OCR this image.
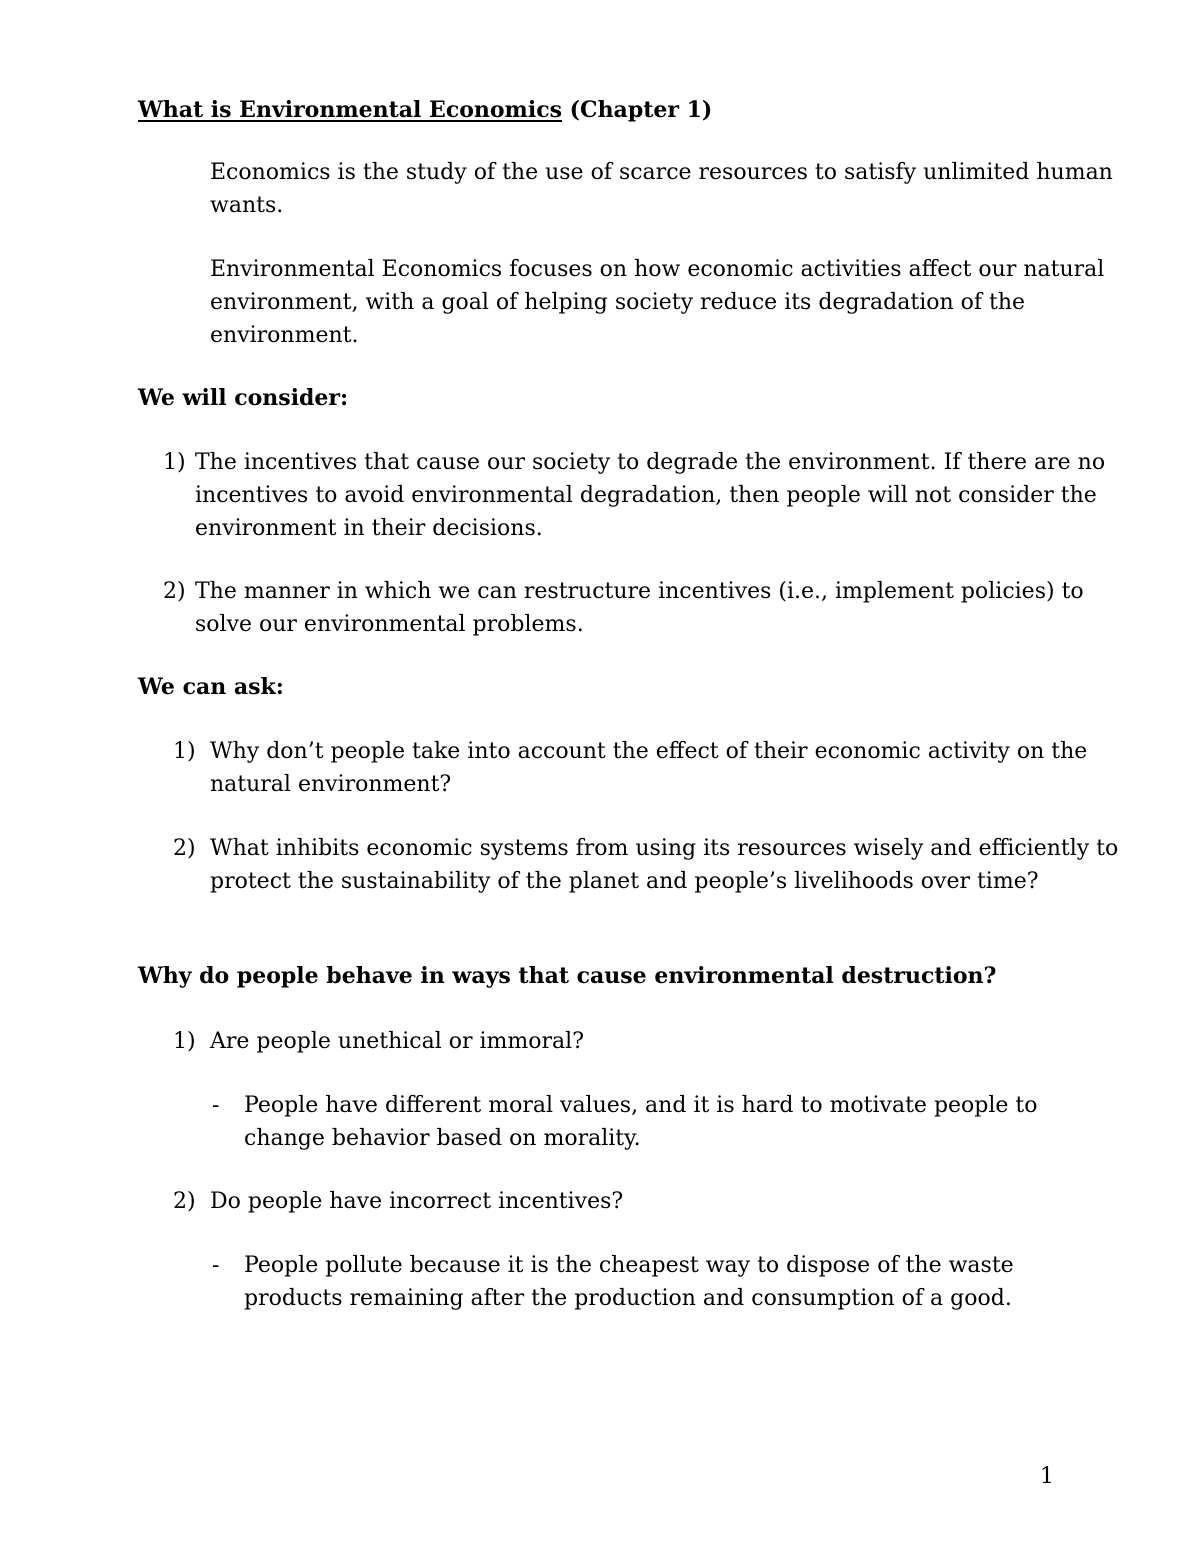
What is Environmental Economics (Chapter 1)

Economics is the study of the use of scarce resources to satisfy unlimited human wants.

Environmental Economics focuses on how economic activities affect our natural environment, with a goal of helping society reduce its degradation of the environment.

We will consider:

1) The incentives that cause our society to degrade the environment. If there are no incentives to avoid environmental degradation, then people will not consider the environment in their decisions.
2) The manner in which we can restructure incentives (i.e., implement policies) to solve our environmental problems.

We can ask:

1) Why don’t people take into account the effect of their economic activity on the natural environment?
2) What inhibits economic systems from using its resources wisely and efficiently to protect the sustainability of the planet and people’s livelihoods over time?

Why do people behave in ways that cause environmental destruction?

1) Are people unethical or immoral?
-	People have different moral values, and it is hard to motivate people to change behavior based on morality.
2) Do people have incorrect incentives?
-	People pollute because it is the cheapest way to dispose of the waste products remaining after the production and consumption of a good.

1
